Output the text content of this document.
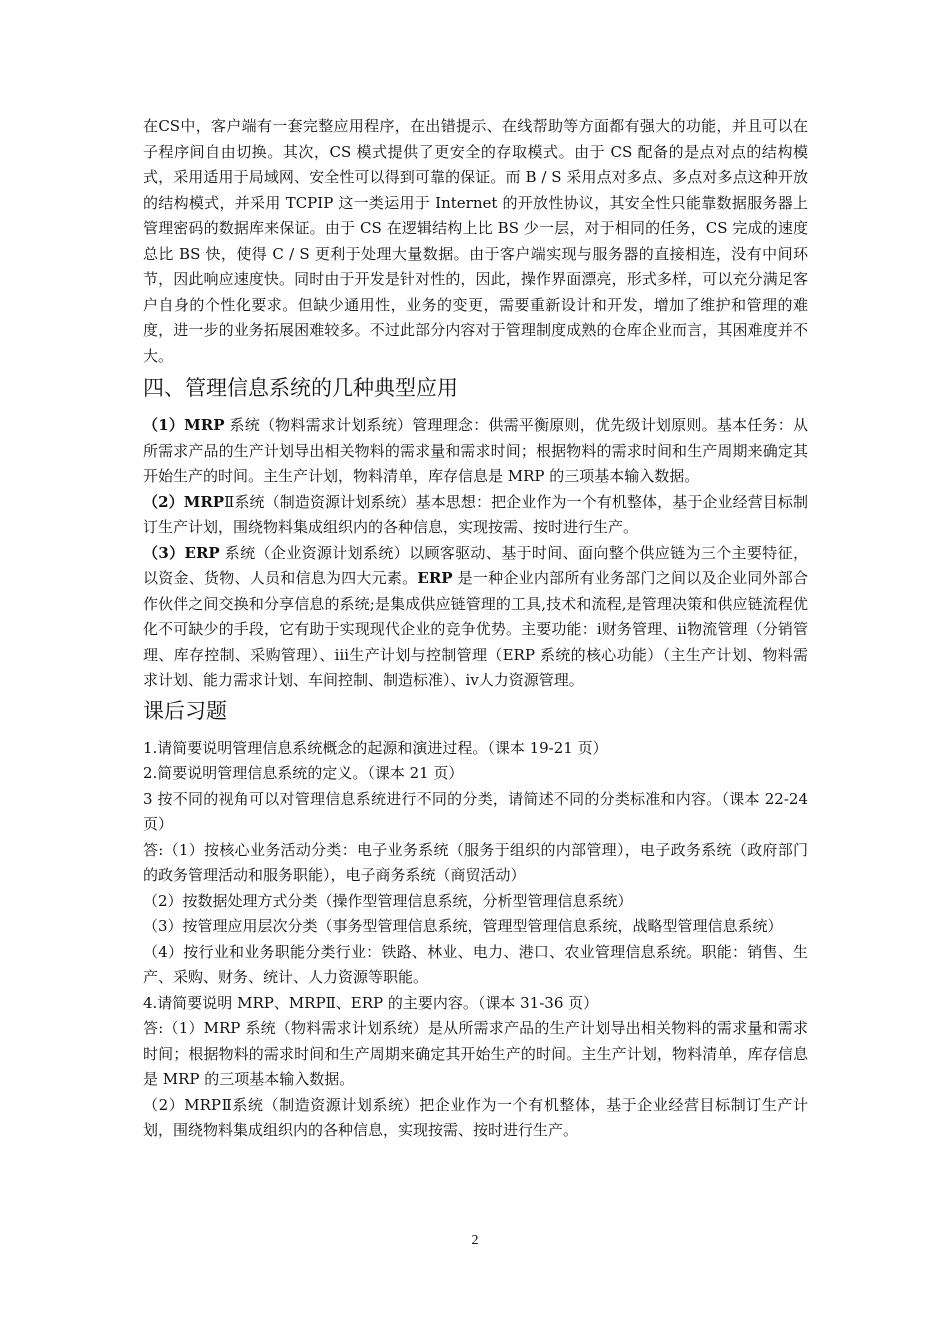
在CS中，客户端有一套完整应用程序，在出错提示、在线帮助等方面都有强大的功能，并且可以在子程序间自由切换。其次，CS 模式提供了更安全的存取模式。由于 CS 配备的是点对点的结构模式，采用适用于局域网、安全性可以得到可靠的保证。而 B / S 采用点对多点、多点对多点这种开放的结构模式，并采用 TCPIP 这一类运用于 Internet 的开放性协议，其安全性只能靠数据服务器上管理密码的数据库来保证。由于 CS 在逻辑结构上比 BS 少一层，对于相同的任务，CS 完成的速度总比 BS 快，使得 C / S 更利于处理大量数据。由于客户端实现与服务器的直接相连，没有中间环节，因此响应速度快。同时由于开发是针对性的，因此，操作界面漂亮，形式多样，可以充分满足客户自身的个性化要求。但缺少通用性，业务的变更，需要重新设计和开发，增加了维护和管理的难度，进一步的业务拓展困难较多。不过此部分内容对于管理制度成熟的仓库企业而言，其困难度并不大。

四、管理信息系统的几种典型应用

（1）MRP 系统（物料需求计划系统）管理理念：供需平衡原则，优先级计划原则。基本任务：从所需求产品的生产计划导出相关物料的需求量和需求时间；根据物料的需求时间和生产周期来确定其开始生产的时间。主生产计划，物料清单，库存信息是 MRP 的三项基本输入数据。

（2）MRPⅡ系统（制造资源计划系统）基本思想：把企业作为一个有机整体，基于企业经营目标制订生产计划，围绕物料集成组织内的各种信息，实现按需、按时进行生产。

（3）ERP 系统（企业资源计划系统）以顾客驱动、基于时间、面向整个供应链为三个主要特征，以资金、货物、人员和信息为四大元素。ERP 是一种企业内部所有业务部门之间以及企业同外部合作伙伴之间交换和分享信息的系统;是集成供应链管理的工具,技术和流程,是管理决策和供应链流程优化不可缺少的手段，它有助于实现现代企业的竞争优势。主要功能：ⅰ财务管理、ⅱ物流管理（分销管理、库存控制、采购管理）、ⅲ生产计划与控制管理（ERP 系统的核心功能）（主生产计划、物料需求计划、能力需求计划、车间控制、制造标准）、ⅳ人力资源管理。

课后习题

1.请简要说明管理信息系统概念的起源和演进过程。（课本 19-21 页）

2.简要说明管理信息系统的定义。（课本 21 页）

3 按不同的视角可以对管理信息系统进行不同的分类，请简述不同的分类标准和内容。（课本 22-24 页）

答:（1）按核心业务活动分类：电子业务系统（服务于组织的内部管理），电子政务系统（政府部门的政务管理活动和服务职能），电子商务系统（商贸活动）

（2）按数据处理方式分类（操作型管理信息系统，分析型管理信息系统）

（3）按管理应用层次分类（事务型管理信息系统，管理型管理信息系统，战略型管理信息系统）

（4）按行业和业务职能分类行业：铁路、林业、电力、港口、农业管理信息系统。职能：销售、生产、采购、财务、统计、人力资源等职能。

4.请简要说明 MRP、MRPⅡ、ERP 的主要内容。（课本 31-36 页）

答:（1）MRP 系统（物料需求计划系统）是从所需求产品的生产计划导出相关物料的需求量和需求时间；根据物料的需求时间和生产周期来确定其开始生产的时间。主生产计划，物料清单，库存信息是 MRP 的三项基本输入数据。

（2）MRPⅡ系统（制造资源计划系统）把企业作为一个有机整体，基于企业经营目标制订生产计划，围绕物料集成组织内的各种信息，实现按需、按时进行生产。

2
